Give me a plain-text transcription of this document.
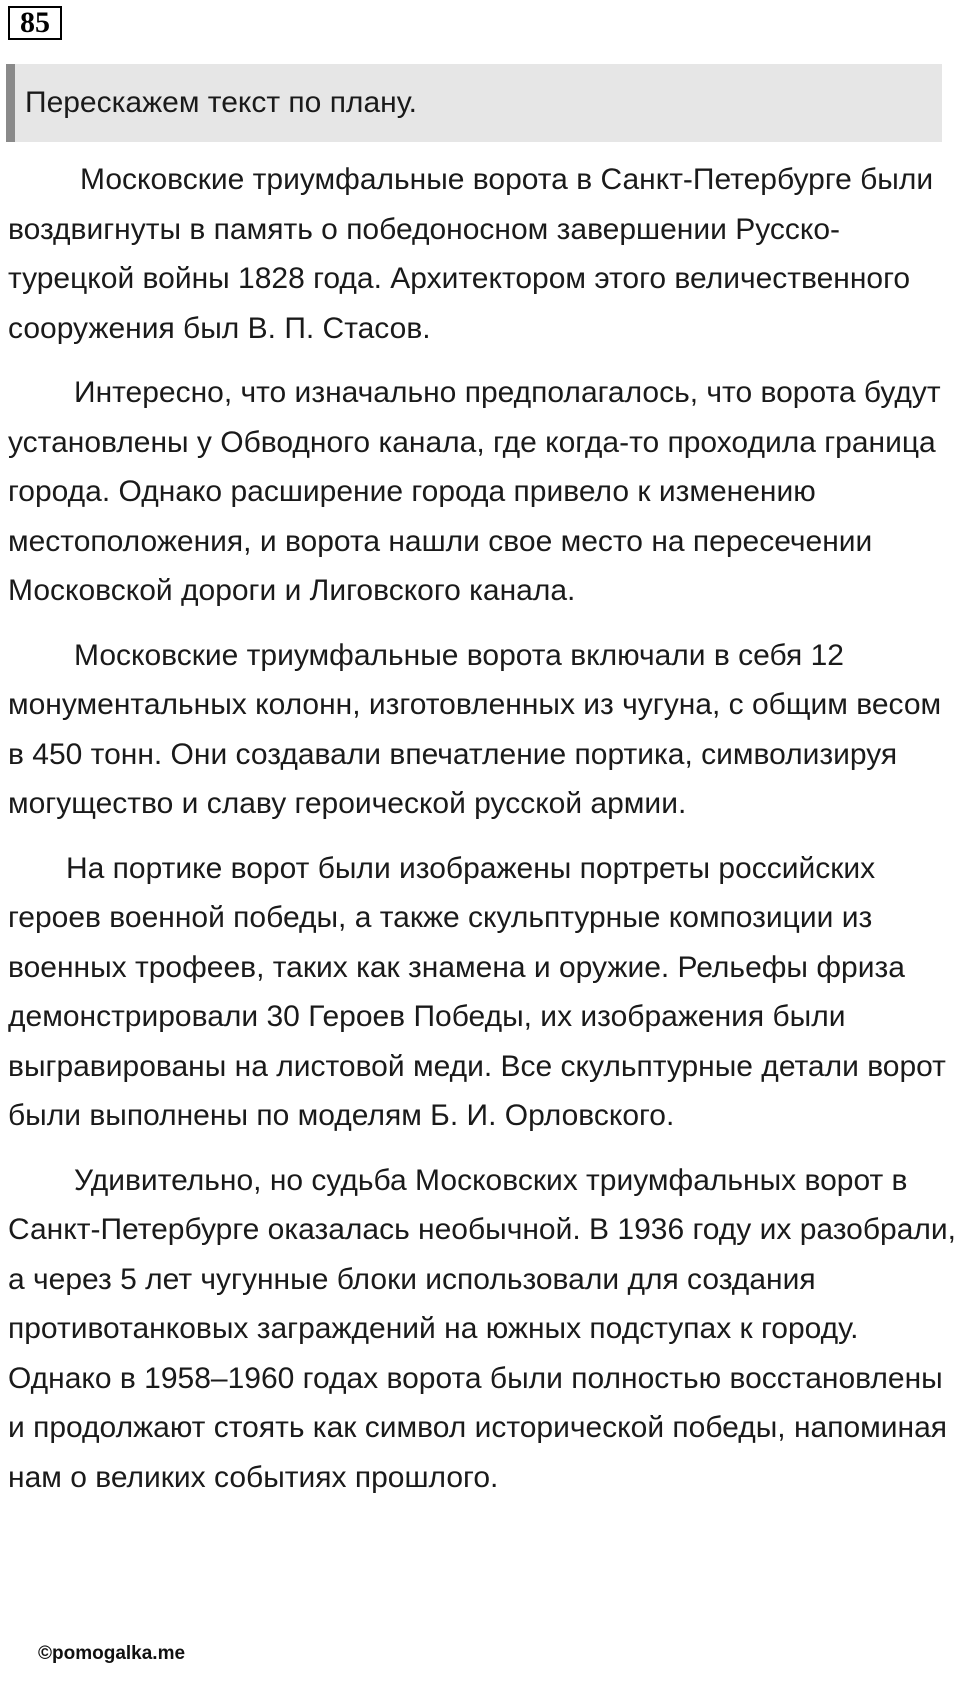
85
Перескажем текст по плану.

Московские триумфальные ворота в Санкт-Петербурге были воздвигнуты в память о победоносном завершении Русско-турецкой войны 1828 года. Архитектором этого величественного сооружения был В. П. Стасов.

Интересно, что изначально предполагалось, что ворота будут установлены у Обводного канала, где когда-то проходила граница города. Однако расширение города привело к изменению местоположения, и ворота нашли свое место на пересечении Московской дороги и Лиговского канала.

Московские триумфальные ворота включали в себя 12 монументальных колонн, изготовленных из чугуна, с общим весом в 450 тонн. Они создавали впечатление портика, символизируя могущество и славу героической русской армии.

На портике ворот были изображены портреты российских героев военной победы, а также скульптурные композиции из военных трофеев, таких как знамена и оружие. Рельефы фриза демонстрировали 30 Героев Победы, их изображения были выгравированы на листовой меди. Все скульптурные детали ворот были выполнены по моделям Б. И. Орловского.

Удивительно, но судьба Московских триумфальных ворот в Санкт-Петербурге оказалась необычной. В 1936 году их разобрали, а через 5 лет чугунные блоки использовали для создания противотанковых заграждений на южных подступах к городу. Однако в 1958–1960 годах ворота были полностью восстановлены и продолжают стоять как символ исторической победы, напоминая нам о великих событиях прошлого.

©pomogalka.me
